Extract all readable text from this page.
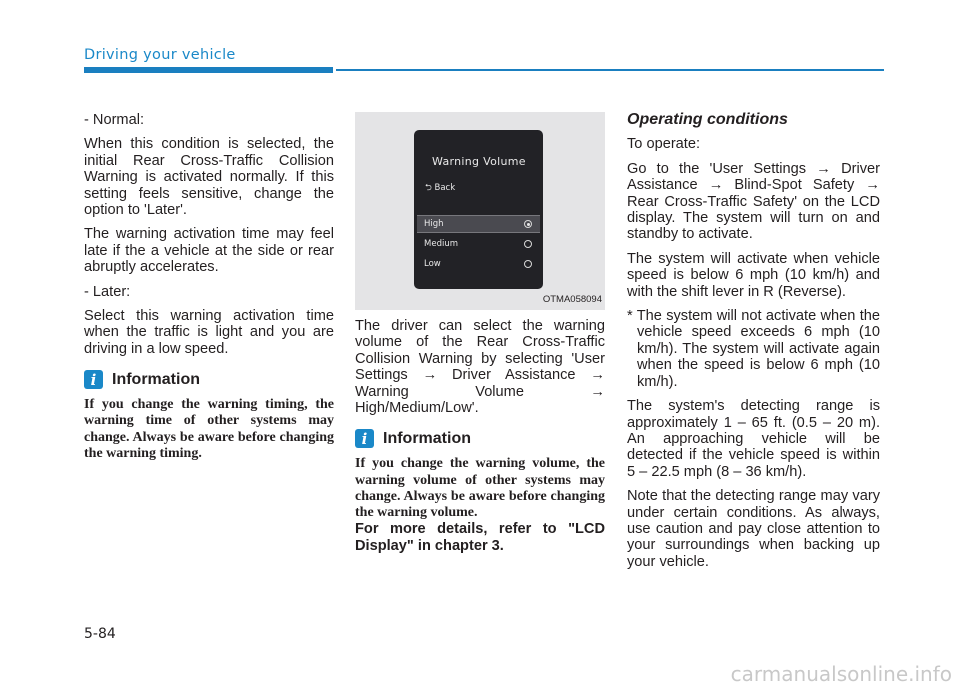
Driving your vehicle

- Normal:

When this condition is selected, the initial Rear Cross-Traffic Collision Warning is activated normally. If this setting feels sensitive, change the option to 'Later'.

The warning activation time may feel late if the a vehicle at the side or rear abruptly accelerates.

- Later:

Select this warning activation time when the traffic is light and you are driving in a low speed.

i Information
If you change the warning timing, the warning time of other systems may change. Always be aware before changing the warning timing.
Warning Volume
⮌ Back
High
Medium
Low
OTMA058094

The driver can select the warning volume of the Rear Cross-Traffic Collision Warning by selecting 'User Settings → Driver Assistance → Warning Volume → High/Medium/Low'.

i Information
If you change the warning volume, the warning volume of other systems may change. Always be aware before changing the warning volume.

For more details, refer to "LCD Display" in chapter 3.

Operating conditions

To operate:

Go to the 'User Settings → Driver Assistance → Blind-Spot Safety → Rear Cross-Traffic Safety' on the LCD display. The system will turn on and standby to activate.

The system will activate when vehicle speed is below 6 mph (10 km/h) and with the shift lever in R (Reverse).

* The system will not activate when the vehicle speed exceeds 6 mph (10 km/h). The system will activate again when the speed is below 6 mph (10 km/h).

The system's detecting range is approximately 1 – 65 ft. (0.5 – 20 m). An approaching vehicle will be detected if the vehicle speed is within 5 – 22.5 mph (8 – 36 km/h).

Note that the detecting range may vary under certain conditions. As always, use caution and pay close attention to your surroundings when backing up your vehicle.

5-84
carmanualsonline.info
